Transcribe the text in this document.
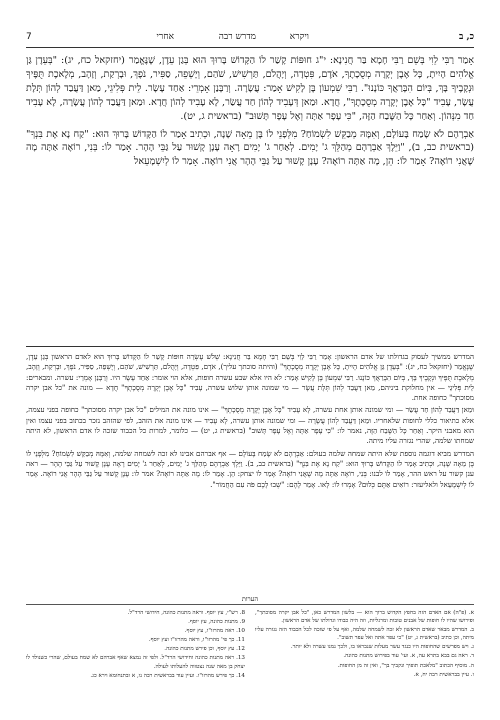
כ, ב
ויקרא
מדרש רבה
אחרי
7

אָמַר רַבִּי לֵוִי בְּשֵׁם רַבִּי חָמָא בַּר חֲנִינָא: י"ג חוּפּוֹת קָשַׁר לוֹ הַקָּדוֹשׁ בָּרוּךְ הוּא בְּגַן עֵדֶן, שֶׁנֶּאֱמַר (יחזקאל כח, יג): "בְּעֵדֶן גַּן אֱלֹהִים הָיִיתָ, כָּל אֶבֶן יְקָרָה מְסֻכָתֶךָ, אֹדֶם, פִּטְדָה, וְיָהֲלֹם, תַּרְשִׁישׁ, שֹׁהַם, וְיָשְׁפֵה, סַפִּיר, נֹפֶךְ, וּבָרְקַת, וְזָהָב, מְלֶאכֶת תֻּפֶּיךָ וּנְקָבֶיךָ בָּךְ, בְּיוֹם הִבָּרַאֲךָ כּוֹנָנוּ". רַבִּי שִׁמְעוֹן בֶּן לָקִישׁ אָמַר: עֲשָׂרָה. וְרַבָּנַן אָמְרֵי: אַחַד עָשָׂר. לֵית פְּלִיגֵי, מַאן דַּעֲבַד לְהוֹן תְּלָת עֲשָׂר, עָבִיד "כָּל אֶבֶן יְקָרָה מְסֻכָתֶךָ", חֲדָא. וּמַאן דְּעָבִיד לְהוֹן חַד עֲשַׂר, לָא עָבִיד לְהוֹן חֲדָא. וּמַאן דַּעֲבַד לְהוֹן עֲשָׂרָה, לָא עָבִיד חַד מִנְּהוֹן. וְאַחַר כָּל הַשֶּׁבַח הַזֶּה, "כִּי עָפָר אַתָּה וְאֶל עָפָר תָּשׁוּב" (בראשית ג, יט).

אַבְרָהָם לֹא שָׂמַח בָּעוֹלָם, וְאִמָּהּ מְבַקֵּשׁ לִשְׂמוֹחַ? מִלְּפָנֵי לוֹ בֶּן מֵאָה שָׁנָה, וּכְתִיב אָמַר לוֹ הַקָּדוֹשׁ בָּרוּךְ הוּא: "קַח נָא אֶת בִּנְךָ" (בראשית כב, ב), "וַיֵּלֶךְ אַבְרָהָם מְהַלֵּךְ ג' יָמִים. לְאַחַר ג' יָמִים רָאָה עָנָן קָשׁוּר עַל גַּבֵּי הָהָר. אָמַר לוֹ: בְּנִי, רוֹאֶה אַתָּה מָה שֶׁאֲנִי רוֹאֶה? אָמַר לוֹ: הֵן, מָה אַתָּה רוֹאֶה? עָנָן קָשׁוּר עַל גַּבֵּי הָהָר אֲנִי רוֹאֶה. אָמַר לוֹ לְיִשְׁמָעֵאל

המדרש ממשיך לעסוק בגדולתו של אדם הראשון: אָמַר רַבִּי לֵוִי בְּשֵׁם רַבִּי חָמָא בַּר חֲנִינָא: שְׁלֹשׁ עֶשְׂרֵה חוּפּוֹת קָשַׁר לוֹ הַקָּדוֹשׁ בָּרוּךְ הוּא לאדם הראשון בְּגַן עֵדֶן, שֶׁנֶּאֱמַר (יחזקאל כח, יג): "בְּעֵדֶן גַּן אֱלֹהִים הָיִיתָ, כָּל אֶבֶן יְקָרָה מְסֻכָתֶךָ" (והיתה סוכתך עליך), אֹדֶם, פִּטְדָה, וְיָהֲלֹם, תַּרְשִׁישׁ, שֹׁהַם, וְיָשְׁפֵה, סַפִּיר, נֹפֶךְ, וּבָרְקַת, וְזָהָב, מְלֶאכֶת תֻּפֶּיךָ וּנְקָבֶיךָ בָּךְ, בְּיוֹם הִבָּרַאֲךָ כּוֹנָנוּ. רַבִּי שִׁמְעוֹן בֶּן לָקִישׁ אָמַר: לא היו אלא שבע עשרה חופות, אלא הוי אומר: אַחַד עָשָׂר היו. וְרַבָּנַן אָמְרֵי: עשרה. ומבארים: לֵית פְּלִיגֵי — אין מחלוקת ביניהם, מַאן דַּעֲבַד לְהוֹן תְּלָת עֲשָׂר — מי שמונה אותן שלוש עשרה, עָבִיד "כָּל אֶבֶן יְקָרָה מְסֻכָתֶךָ" חֲדָא — מונה את "כל אבן יקרה מסוכתך" כחופה אחת.

וּמַאן דַּעֲבַד לְהוֹן חַד עֲשַׂר — ומי שמונה אותן אחת עשרה, לָא עָבִיד "כָּל אֶבֶן יְקָרָה מְסֻכָתֶךָ" — אינו מונה את המילים "כל אבן יקרה מסוכתך" כחופה בפני עצמה, אלא כתיאור כללי לחופות שלאחריו. וּמַאן דַּעֲבַד לְהוֹן עֲשָׂרָה — ומי שמונה אותן עשרה, לָא עָבִיד — אינו מונה את הזהב, לפי שהזהב נזכר בכתוב בפני עצמו ואין הוא מאבני היקר. וְאַחַר כָּל הַשֶּׁבַח הַזֶּה, נאמר לו: "כִּי עָפָר אַתָּה וְאֶל עָפָר תָּשׁוּב" (בראשית ג, יט) — כלומר, למרות כל הכבוד שזכה לו אדם הראשון, לא היתה שמחתו שלמה, שהרי נגזרה עליו מיתה.

המדרש מביא דוגמה נוספת שלא היתה שמחה שלמה בעולם: אַבְרָהָם לֹא שָׂמַח בָּעוֹלָם — אף אברהם אבינו לא זכה לשמחה שלמה, וְאִמָּהּ מְבַקֵּשׁ לִשְׂמוֹחַ? מִלְּפָנֵי לוֹ בֶּן מֵאָה שָׁנָה, וּכְתִיב אָמַר לוֹ הַקָּדוֹשׁ בָּרוּךְ הוּא: "קַח נָא אֶת בִּנְךָ" (בראשית כב, ב). וַיֵּלֶךְ אַבְרָהָם מְהַלֵּךְ ג' יָמִים, לְאַחַר ג' יָמִים רָאָה עָנָן קָשׁוּר עַל גַּבֵּי הָהָר — ראה ענן קשור על ראש ההר, אָמַר לוֹ לבנו: בְּנִי, רוֹאֶה אַתָּה מָה שֶׁאֲנִי רוֹאֶה? אָמַר לוֹ יצחק: הֵן. אָמַר לוֹ: מָה אַתָּה רוֹאֶה? אמר לו: עָנָן קָשׁוּר עַל גַּבֵּי הָהָר אֲנִי רוֹאֶה. אָמַר לוֹ לְיִשְׁמָעֵאל ולאליעזר: רוֹאִים אַתֶּם כְּלוּם? אָמְרוּ לוֹ: לָאו. אָמַר לָהֶם: "שְׁבוּ לָכֶם פֹּה עִם הַחֲמוֹר".

הערות

א. (פ"ה) אם האדם הזה בחפץ הקדוש ברוך הוא — בלשון המדרש כאן, "כל אבן יקרה מסוכתך", ופירושו שהיו לו חופות של אבנים טובות ומרגליות, וזה היה כבודו וגדולתו של אדם הראשון.

ב. המדרש מבאר שאדם הראשון לא זכה לשמחה שלמה, ואף על פי שזכה לכל הכבוד הזה נגזרה עליו מיתה, וכן כתיב (בראשית ג, יט) "כי עפר אתה ואל עפר תשוב".

ג. ויש מפרשים שהחופות היו כנגד עשר מעלות שנבראו בו, ולכך נמנו עשרה ולא יותר.

ד. ראה גם בבא בתרא עה, א. ועי' עוד בפירוש מתנות כהונה.

ה. מוסיף הכתוב "מלאכת תופיך ונקביך בך", ואין זה מן החופות.

ו. עיין בבראשית רבה יח, א.

8. רש"י, עץ יוסף. וראה מתנות כהונה, חידושי הרד"ל.

9. מתנות כהונה, עץ יוסף.

10. ראה מהרזו"ו, עץ יוסף.

11. כך פי' מהרזו"ו, וראה מהרזו"ו ועץ יוסף.

12. עץ יוסף, וכן פירש מתנות כהונה.

13. ראה מתנות כהונה וחידושי הרד"ל. ולפי זה נמצא שאף אברהם לא שמח בעולם, שהרי כשנולד לו יצחק בן מאה שנה נצטווה להעלותו לעולה.

14. כך פירש מהרזו"ו. ועיין עוד בבראשית רבה נו, א ובתנחומא וירא כג.
